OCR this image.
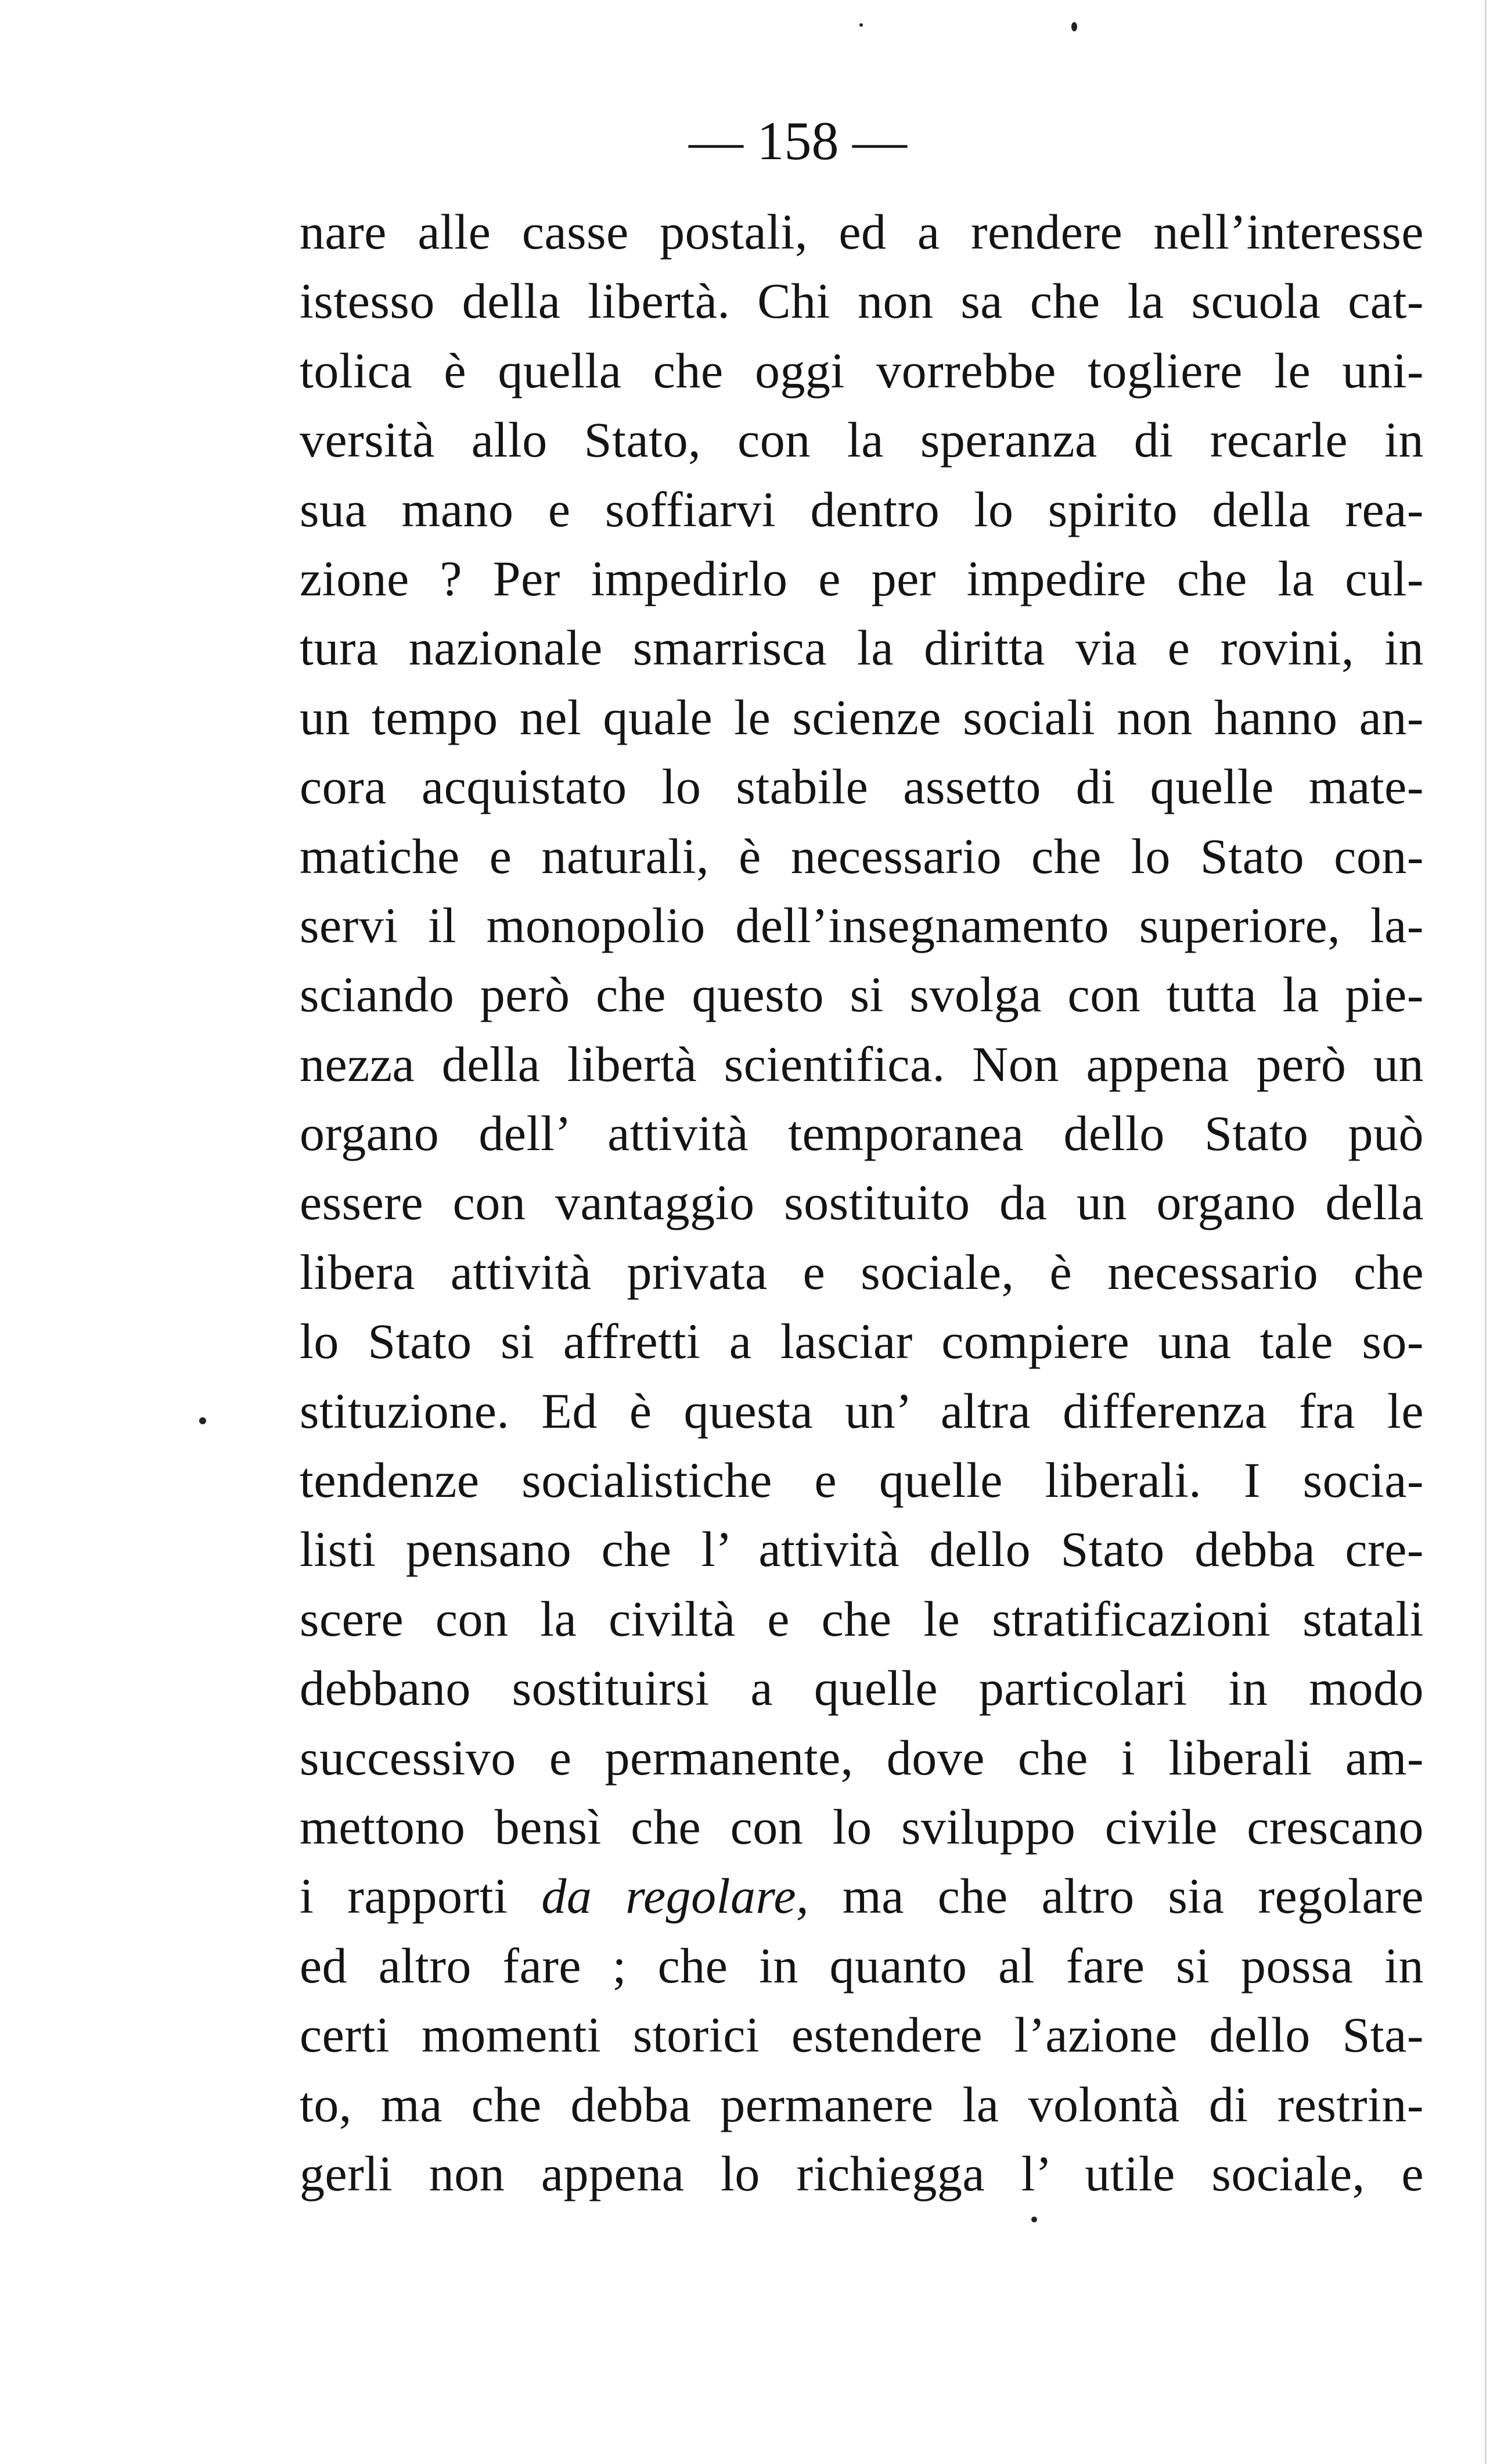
— 158 —
nare alle casse postali, ed a rendere nell’interesse
istesso della libertà. Chi non sa che la scuola cat-
tolica è quella che oggi vorrebbe togliere le uni-
versità allo Stato, con la speranza di recarle in
sua mano e soffiarvi dentro lo spirito della rea-
zione ? Per impedirlo e per impedire che la cul-
tura nazionale smarrisca la diritta via e rovini, in
un tempo nel quale le scienze sociali non hanno an-
cora acquistato lo stabile assetto di quelle mate-
matiche e naturali, è necessario che lo Stato con-
servi il monopolio dell’insegnamento superiore, la-
sciando però che questo si svolga con tutta la pie-
nezza della libertà scientifica. Non appena però un
organo dell’ attività temporanea dello Stato può
essere con vantaggio sostituito da un organo della
libera attività privata e sociale, è necessario che
lo Stato si affretti a lasciar compiere una tale so-
stituzione. Ed è questa un’ altra differenza fra le
tendenze socialistiche e quelle liberali. I socia-
listi pensano che l’ attività dello Stato debba cre-
scere con la civiltà e che le stratificazioni statali
debbano sostituirsi a quelle particolari in modo
successivo e permanente, dove che i liberali am-
mettono bensì che con lo sviluppo civile crescano
i rapporti da regolare, ma che altro sia regolare
ed altro fare ; che in quanto al fare si possa in
certi momenti storici estendere l’azione dello Sta-
to, ma che debba permanere la volontà di restrin-
gerli non appena lo richiegga l’ utile sociale, e
